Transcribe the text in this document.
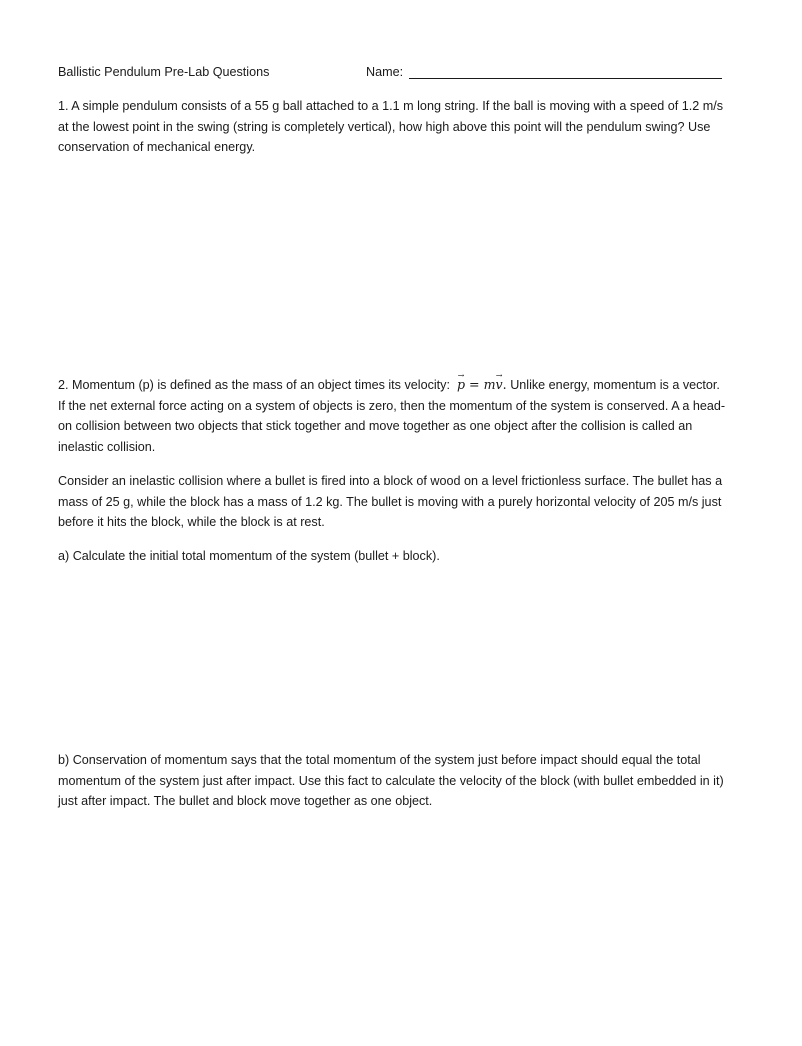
Ballistic Pendulum Pre-Lab Questions	Name:

1. A simple pendulum consists of a 55 g ball attached to a 1.1 m long string. If the ball is moving with a speed of 1.2 m/s at the lowest point in the swing (string is completely vertical), how high above this point will the pendulum swing? Use conservation of mechanical energy.

2. Momentum (p) is defined as the mass of an object times its velocity:  → p = m→ v. Unlike energy, momentum is a vector. If the net external force acting on a system of objects is zero, then the momentum of the system is conserved. A a head-on collision between two objects that stick together and move together as one object after the collision is called an inelastic collision.

Consider an inelastic collision where a bullet is fired into a block of wood on a level frictionless surface. The bullet has a mass of 25 g, while the block has a mass of 1.2 kg. The bullet is moving with a purely horizontal velocity of 205 m/s just before it hits the block, while the block is at rest.

a) Calculate the initial total momentum of the system (bullet + block).

b) Conservation of momentum says that the total momentum of the system just before impact should equal the total momentum of the system just after impact. Use this fact to calculate the velocity of the block (with bullet embedded in it) just after impact. The bullet and block move together as one object.
